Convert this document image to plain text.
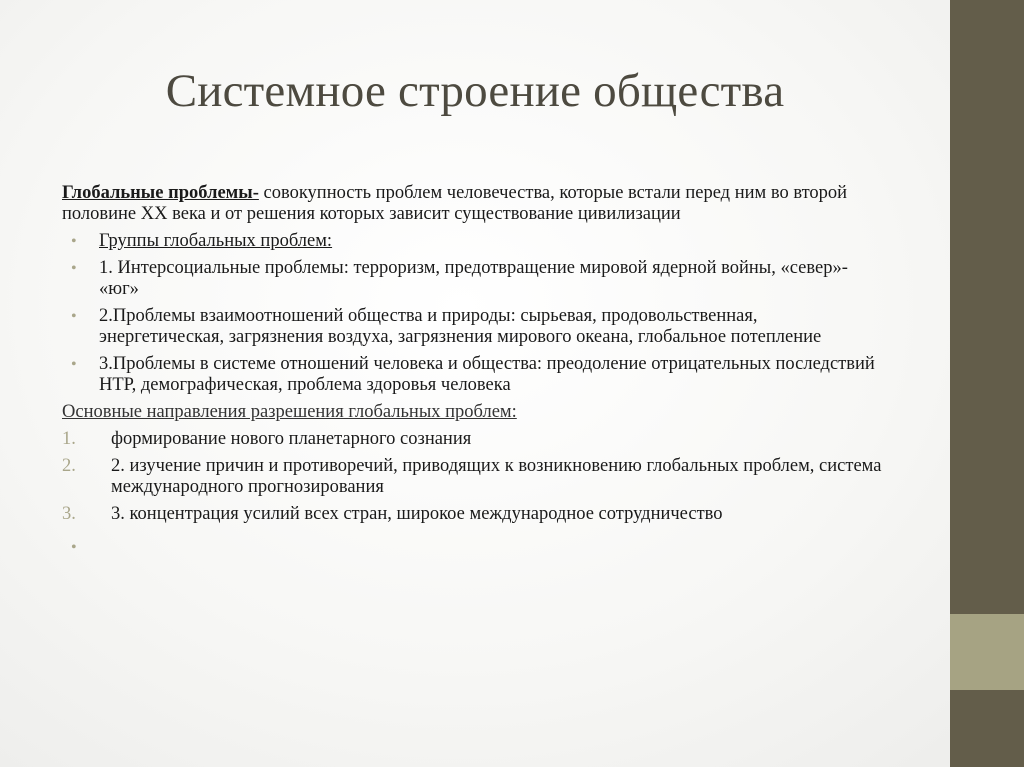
Системное строение общества

Глобальные проблемы- совокупность проблем человечества, которые встали перед ним во второй половине XX века и от решения которых зависит существование цивилизации

• Группы глобальных проблем:
• 1. Интерсоциальные проблемы: терроризм, предотвращение мировой ядерной войны, «север»- «юг»
• 2.Проблемы взаимоотношений общества и природы: сырьевая, продовольственная, энергетическая, загрязнения воздуха, загрязнения мирового океана, глобальное потепление
• 3.Проблемы в системе отношений человека и общества: преодоление отрицательных последствий НТР, демографическая, проблема здоровья человека

Основные направления разрешения глобальных проблем:

1. формирование нового планетарного сознания
2. 2. изучение причин и противоречий, приводящих к возникновению глобальных проблем, система международного прогнозирования
3. 3. концентрация усилий всех стран, широкое международное сотрудничество
•
